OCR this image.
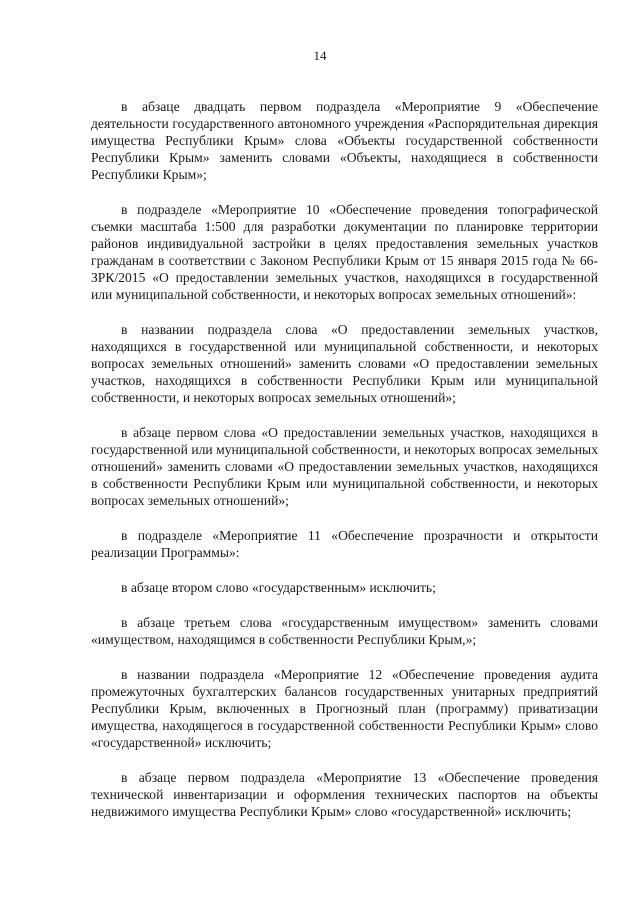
14

в абзаце двадцать первом подраздела «Мероприятие 9 «Обеспечение деятельности государственного автономного учреждения «Распорядительная дирекция имущества Республики Крым» слова «Объекты государственной собственности Республики Крым» заменить словами «Объекты, находящиеся в собственности Республики Крым»;

в подразделе «Мероприятие 10 «Обеспечение проведения топографической съемки масштаба 1:500 для разработки документации по планировке территории районов индивидуальной застройки в целях предоставления земельных участков гражданам в соответствии с Законом Республики Крым от 15 января 2015 года № 66-ЗРК/2015 «О предоставлении земельных участков, находящихся в государственной или муниципальной собственности, и некоторых вопросах земельных отношений»:

в названии подраздела слова «О предоставлении земельных участков, находящихся в государственной или муниципальной собственности, и некоторых вопросах земельных отношений» заменить словами «О предоставлении земельных участков, находящихся в собственности Республики Крым или муниципальной собственности, и некоторых вопросах земельных отношений»;

в абзаце первом слова «О предоставлении земельных участков, находящихся в государственной или муниципальной собственности, и некоторых вопросах земельных отношений» заменить словами «О предоставлении земельных участков, находящихся в собственности Республики Крым или муниципальной собственности, и некоторых вопросах земельных отношений»;

в подразделе «Мероприятие 11 «Обеспечение прозрачности и открытости реализации Программы»:

в абзаце втором слово «государственным» исключить;

в абзаце третьем слова «государственным имуществом» заменить словами «имуществом, находящимся в собственности Республики Крым,»;

в названии подраздела «Мероприятие 12 «Обеспечение проведения аудита промежуточных бухгалтерских балансов государственных унитарных предприятий Республики Крым, включенных в Прогнозный план (программу) приватизации имущества, находящегося в государственной собственности Республики Крым» слово «государственной» исключить;

в абзаце первом подраздела «Мероприятие 13 «Обеспечение проведения технической инвентаризации и оформления технических паспортов на объекты недвижимого имущества Республики Крым» слово «государственной» исключить;
